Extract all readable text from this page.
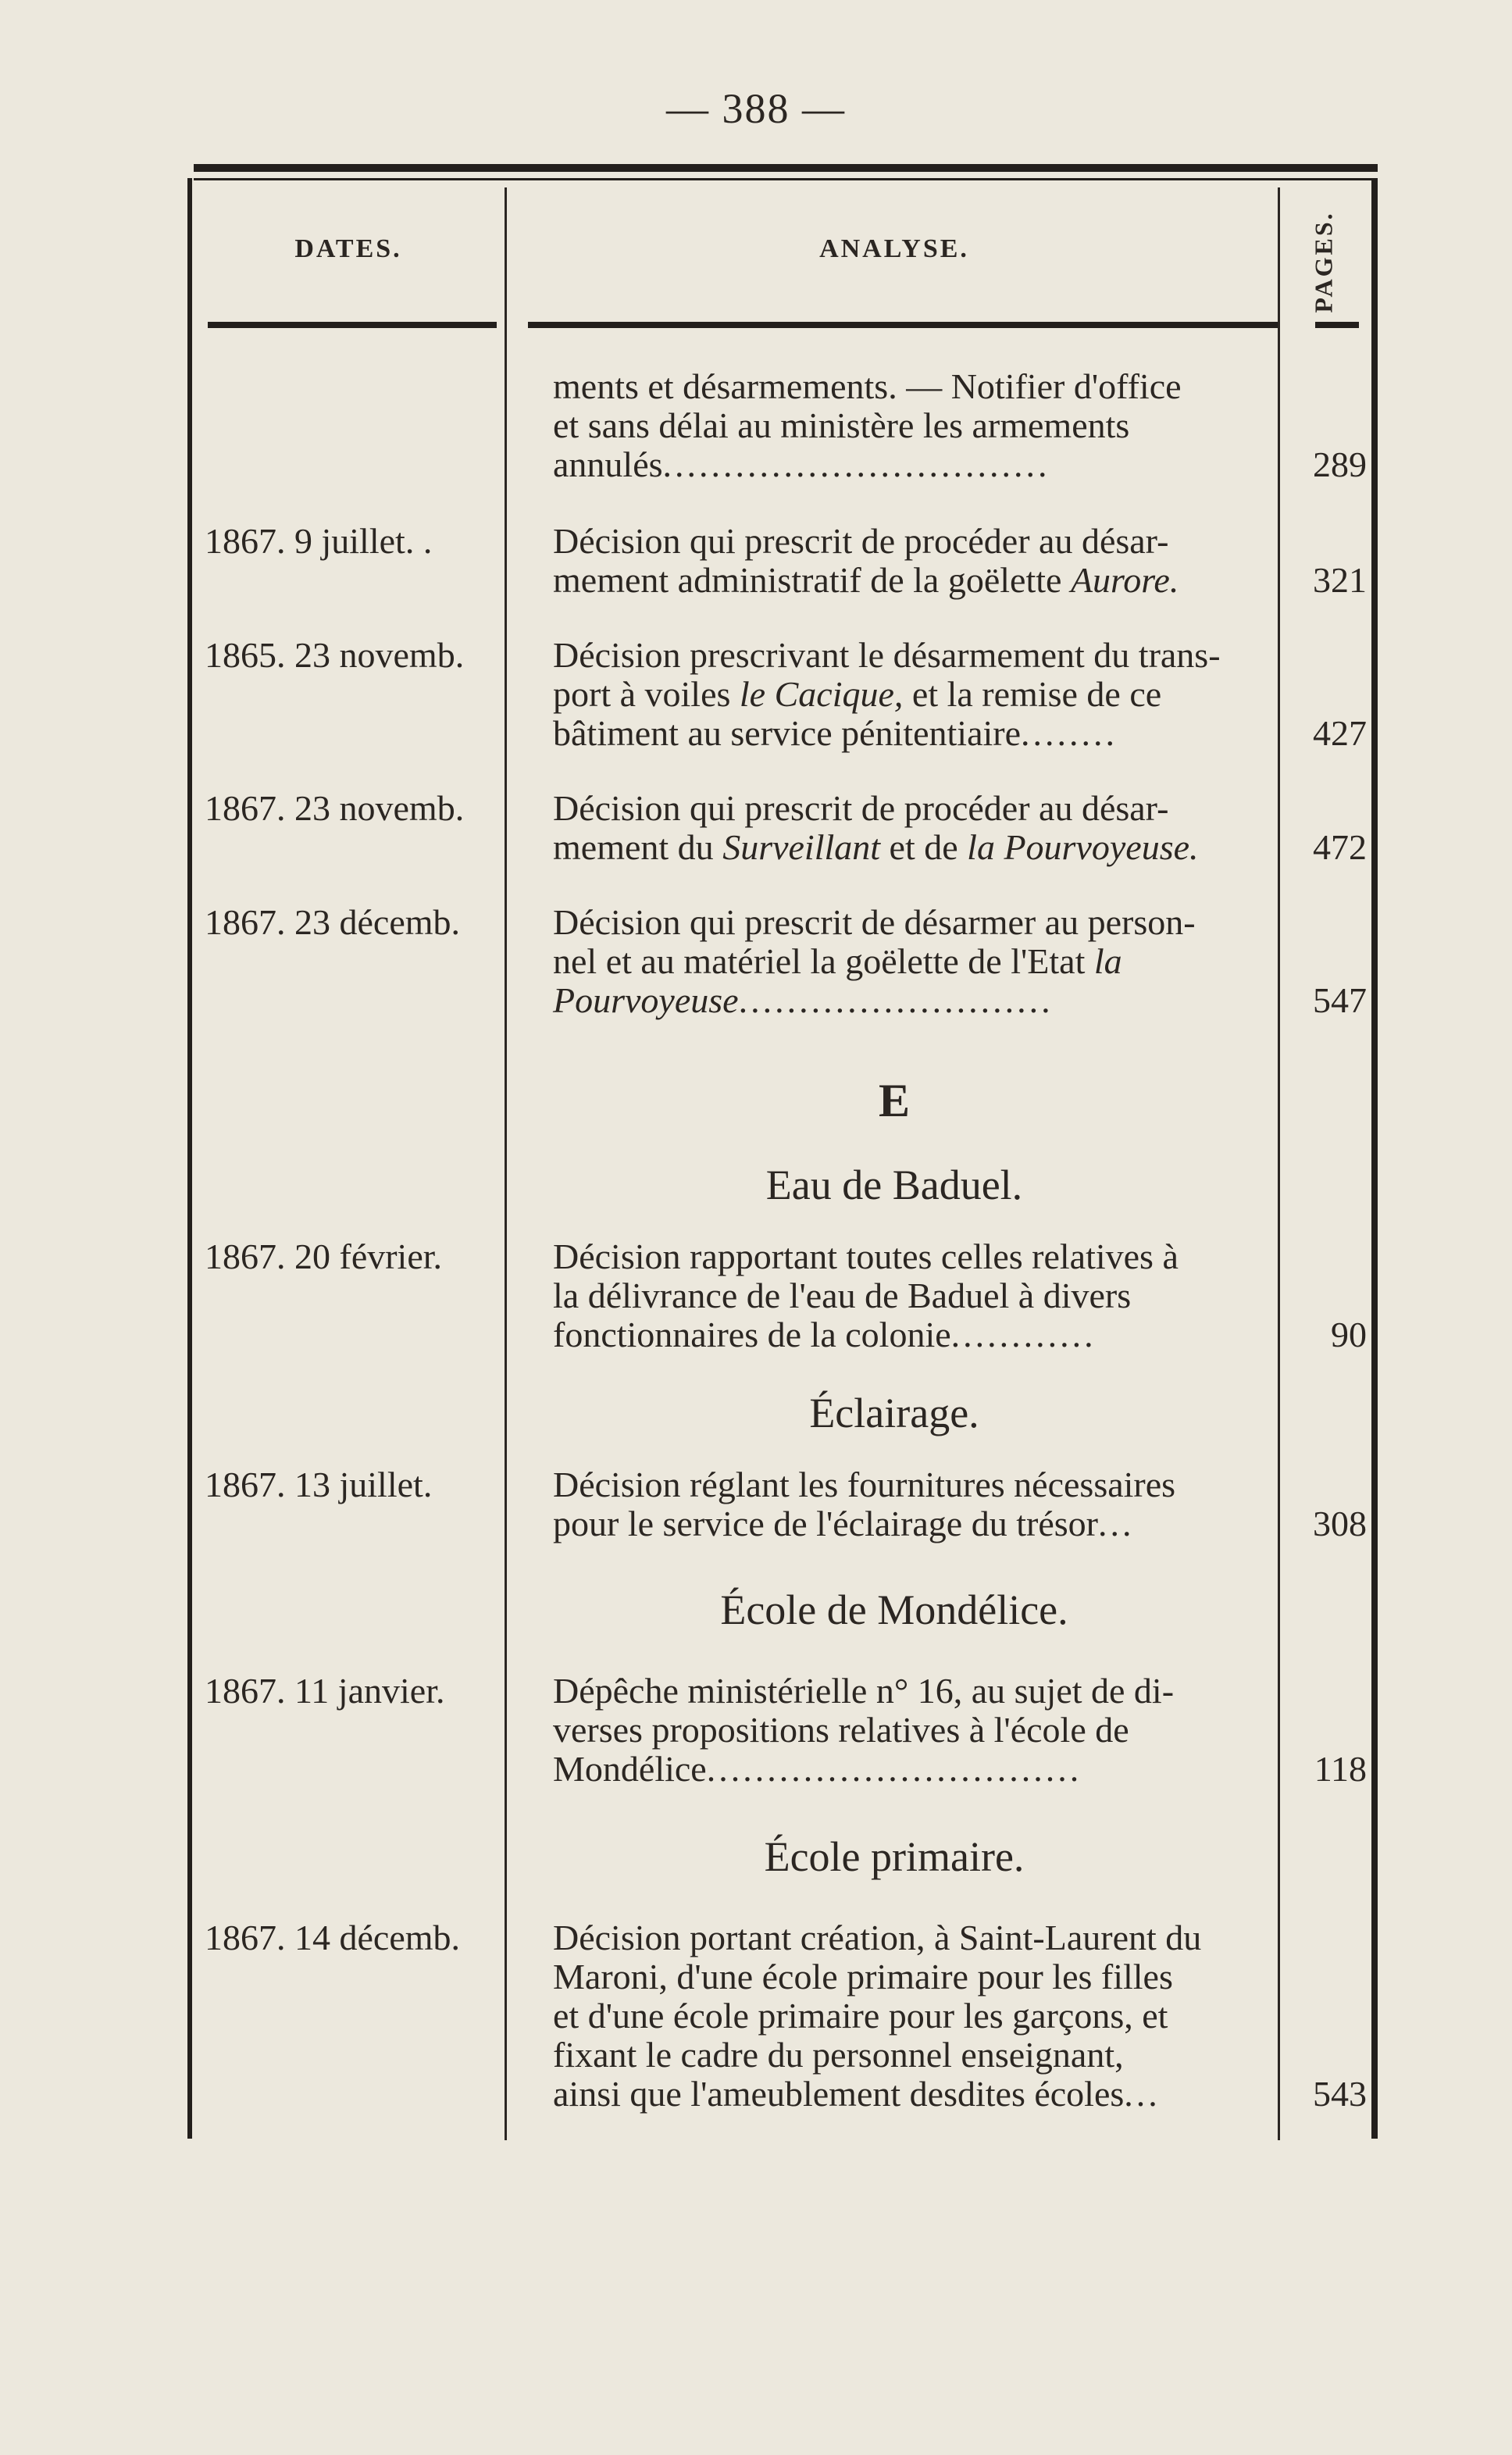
— 388 —
DATES.	ANALYSE.	PAGES.
ments et désarmements. — Notifier d'office
et sans délai au ministère les armements
annulés................................	289
1867. 9 juillet. .	Décision qui prescrit de procéder au désar-
mement administratif de la goëlette Aurore.	321
1865. 23 novemb.	Décision prescrivant le désarmement du trans-
port à voiles le Cacique, et la remise de ce
bâtiment au service pénitentiaire........	427
1867. 23 novemb.	Décision qui prescrit de procéder au désar-
mement du Surveillant et de la Pourvoyeuse.	472
1867. 23 décemb.	Décision qui prescrit de désarmer au person-
nel et au matériel la goëlette de l'Etat la
Pourvoyeuse..........................	547
E
Eau de Baduel.
1867. 20 février.	Décision rapportant toutes celles relatives à
la délivrance de l'eau de Baduel à divers
fonctionnaires de la colonie............	90
Éclairage.
1867. 13 juillet.	Décision réglant les fournitures nécessaires
pour le service de l'éclairage du trésor...	308
École de Mondélice.
1867. 11 janvier.	Dépêche ministérielle n° 16, au sujet de di-
verses propositions relatives à l'école de
Mondélice...............................	118
École primaire.
1867. 14 décemb.	Décision portant création, à Saint-Laurent du
Maroni, d'une école primaire pour les filles
et d'une école primaire pour les garçons, et
fixant le cadre du personnel enseignant,
ainsi que l'ameublement desdites écoles...	543
